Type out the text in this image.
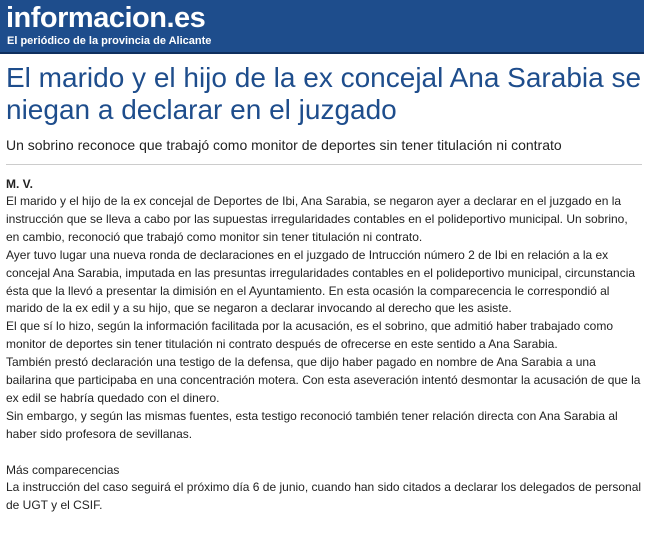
informacion.es
El periódico de la provincia de Alicante
El marido y el hijo de la ex concejal Ana Sarabia se niegan a declarar en el juzgado
Un sobrino reconoce que trabajó como monitor de deportes sin tener titulación ni contrato
M. V.

El marido y el hijo de la ex concejal de Deportes de Ibi, Ana Sarabia, se negaron ayer a declarar en el juzgado en la instrucción que se lleva a cabo por las supuestas irregularidades contables en el polideportivo municipal. Un sobrino, en cambio, reconoció que trabajó como monitor sin tener titulación ni contrato.

Ayer tuvo lugar una nueva ronda de declaraciones en el juzgado de Intrucción número 2 de Ibi en relación a la ex concejal Ana Sarabia, imputada en las presuntas irregularidades contables en el polideportivo municipal, circunstancia ésta que la llevó a presentar la dimisión en el Ayuntamiento. En esta ocasión la comparecencia le correspondió al marido de la ex edil y a su hijo, que se negaron a declarar invocando al derecho que les asiste.

El que sí lo hizo, según la información facilitada por la acusación, es el sobrino, que admitió haber trabajado como monitor de deportes sin tener titulación ni contrato después de ofrecerse en este sentido a Ana Sarabia.

También prestó declaración una testigo de la defensa, que dijo haber pagado en nombre de Ana Sarabia a una bailarina que participaba en una concentración motera. Con esta aseveración intentó desmontar la acusación de que la ex edil se habría quedado con el dinero.

Sin embargo, y según las mismas fuentes, esta testigo reconoció también tener relación directa con Ana Sarabia al haber sido profesora de sevillanas.

Más comparecencias

La instrucción del caso seguirá el próximo día 6 de junio, cuando han sido citados a declarar los delegados de personal de UGT y el CSIF.
